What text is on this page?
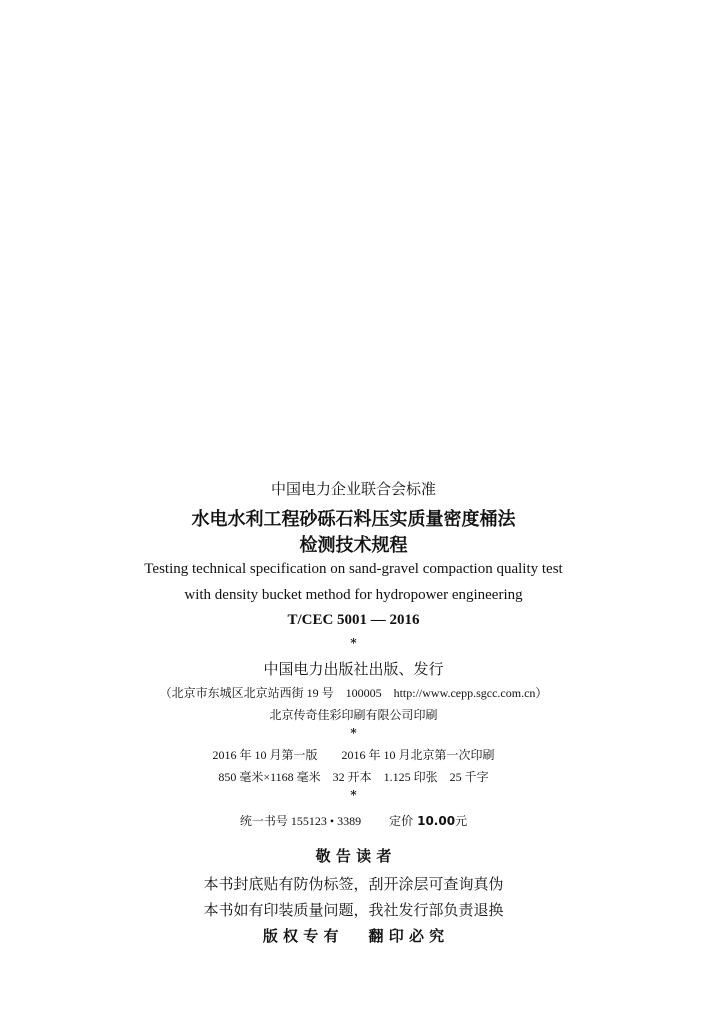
中国电力企业联合会标准
水电水利工程砂砾石料压实质量密度桶法
检测技术规程
Testing technical specification on sand-gravel compaction quality test
with density bucket method for hydropower engineering
T/CEC 5001 — 2016
*
中国电力出版社出版、发行
（北京市东城区北京站西街 19 号　100005　http://www.cepp.sgcc.com.cn）
北京传奇佳彩印刷有限公司印刷
*
2016 年 10 月第一版　　2016 年 10 月北京第一次印刷
850 毫米×1168 毫米　32 开本　1.125 印张　25 千字
*
统一书号 155123 • 3389 定价 10.00元
敬 告 读 者
本书封底贴有防伪标签，刮开涂层可查询真伪
本书如有印装质量问题，我社发行部负责退换
版 权 专 有　　翻 印 必 究
